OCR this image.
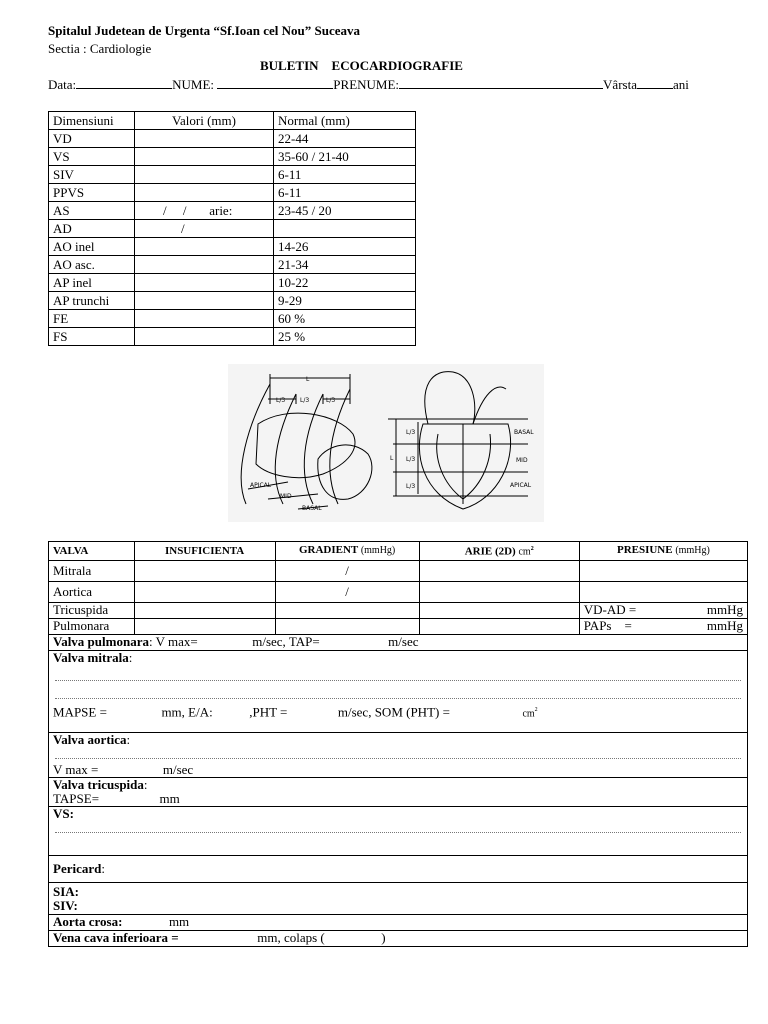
Spitalul Judetean de Urgenta “Sf.Ioan cel Nou” Suceava
Sectia : Cardiologie
BULETIN    ECOCARDIOGRAFIE
Data:	NUME:	PRENUME:	Vârsta	ani
Dimensiuni	Valori (mm)	Normal (mm)
VD		22-44
VS		35-60 / 21-40
SIV		6-11
PPVS		6-11
AS	/     /       arie:	23-45 / 20
AD	/	
AO inel		14-26
AO asc.		21-34
AP inel		10-22
AP trunchi		9-29
FE		60 %
FS		25 %
L
L/3 L/3	L/3
APICAL
MID
BASAL
L
L/3
L/3
L/3
BASAL
MID
APICAL
VALVA	INSUFICIENTA	GRADIENT (mmHg)	ARIE (2D) $cm^2$	PRESIUNE (mmHg)
Mitrala		/		
Aortica		/		
Tricuspida				VD-AD = mmHg

Pulmonara				PAPs    = mmHg

Valva pulmonara: V max= m/sec, TAP= m/sec				

Valva mitrala:
MAPSE = mm, E/A: ,PHT = m/sec, SOM $(PHT) = cm^2$

Valva aortica:
V max = m/sec				

Valva tricuspida:
TAPSE= mm				

VS:				

Pericard:				

SIA:
SIV:				

Aorta crosa: mm				
Vena cava inferioara = mm, colaps ( )				
